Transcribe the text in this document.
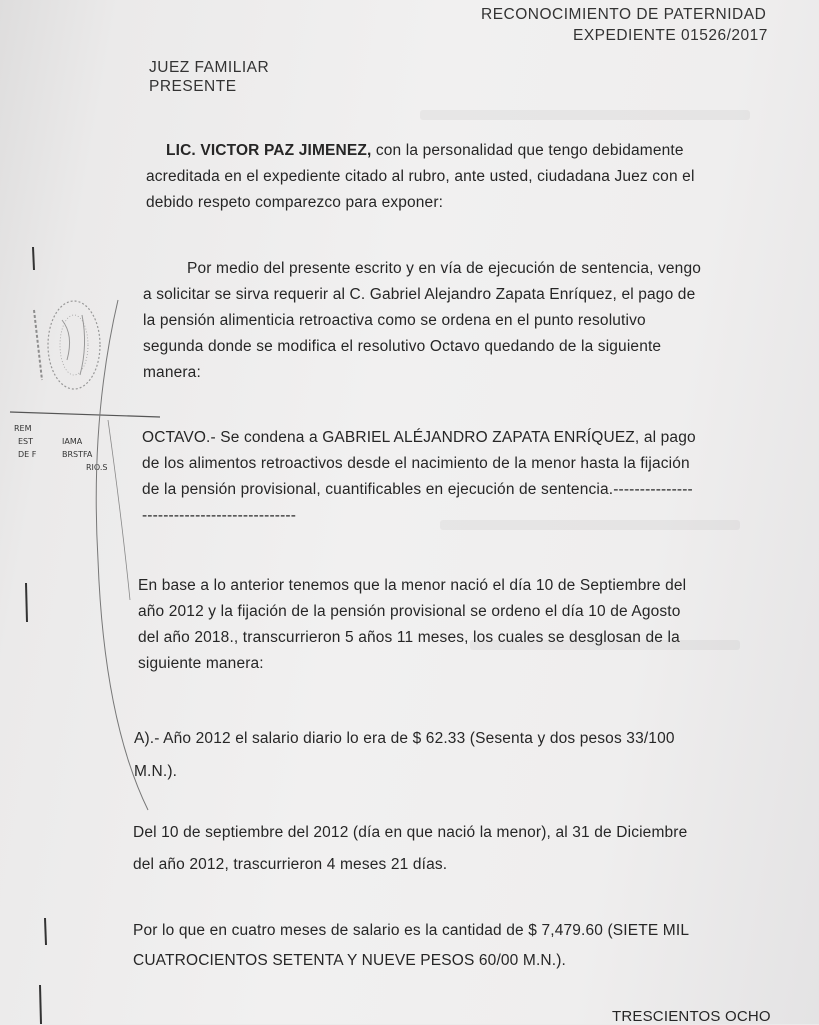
RECONOCIMIENTO DE PATERNIDAD
EXPEDIENTE 01526/2017
JUEZ FAMILIAR
PRESENTE
LIC. VICTOR PAZ JIMENEZ, con la personalidad que tengo debidamente
acreditada en el expediente citado al rubro, ante usted, ciudadana Juez con el
debido respeto comparezco para exponer:
Por medio del presente escrito y en vía de ejecución de sentencia, vengo
a solicitar se sirva requerir al C. Gabriel Alejandro Zapata Enríquez, el pago de
la pensión alimenticia retroactiva como se ordena en el punto resolutivo
segunda donde se modifica el resolutivo Octavo quedando de la siguiente
manera:
OCTAVO.- Se condena a GABRIEL ALÉJANDRO ZAPATA ENRÍQUEZ, al pago
de los alimentos retroactivos desde el nacimiento de la menor hasta la fijación
de la pensión provisional, cuantificables en ejecución de sentencia.---------------
-----------------------------
En base a lo anterior tenemos que la menor nació el día 10 de Septiembre del
año 2012 y la fijación de la pensión provisional se ordeno el día 10 de Agosto
del año 2018., transcurrieron 5 años 11 meses, los cuales se desglosan de la
siguiente manera:
A).- Año 2012 el salario diario lo era de $ 62.33 (Sesenta y dos pesos 33/100
M.N.).
Del 10 de septiembre del 2012 (día en que nació la menor), al 31 de Diciembre
del año 2012, trascurrieron 4 meses 21 días.
Por lo que en cuatro meses de salario es la cantidad de $ 7,479.60 (SIETE MIL
CUATROCIENTOS SETENTA Y NUEVE PESOS 60/00 M.N.).
TRESCIENTOS OCHO
REM
EST
DE F
IAMA
BRSTFA
RIO.S
